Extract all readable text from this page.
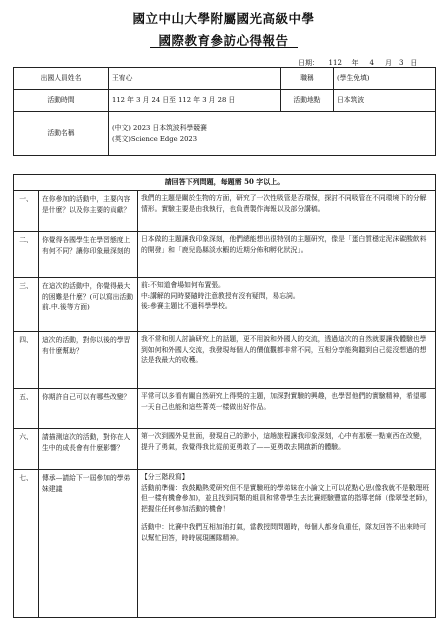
國立中山大學附屬國光高級中學
國際教育參訪心得報告
日期： 112 年 4 月 3 日
出國人員姓名	王宥心	職稱	(學生免填)
活動時間	112 年 3 月 24 日至 112 年 3 月 28 日	活動地點	日本筑波
活動名稱	(中文) 2023 日本筑波科學競賽
(英文)Science Edge 2023		
請回答下列問題，每題需 50 字以上。		
一、	在你參加的活動中，主要內容是什麼？以及你主要的貢獻？	我們的主題是關於生物的方面，研究了一次性吸管是否環保，探討不同吸管在不同環境下的分解情形。實驗主要是由我執行，也負責製作海報以及部分講稿。

二、	你覺得各國學生在學習態度上有何不同？讓你印象最深刻的	日本做的主題讓我印象深刻，他們總能想出很特別的主題研究，像是「蛋白質穩定泥沫碳酸飲料的開發」和「鹿兒島縣淡水鰕的近期分佈和孵化狀況」。

三、	在這次的活動中，你覺得最大的困難是什麼？(可以寫出活動前.中.後等方面)	前:不知道會場如何布置張。

中:講解的同時要隨時注意教授有沒有疑問，易忘詞。

後:參賽主題比不過科學學校。

四、	這次的活動，對你以後的學習有什麼幫助？	我不常和別人討論研究上的話題，更不用說和外國人的交流，透過這次的自然就要讓我體驗也學到如何和外國人交流，我發現每個人的價值觀都非常不同，互相分享能夠聽到自己從沒想過的想法是我最大的收穫。

五、	你期許自己可以有哪些改變？	平常可以多看有關自然研究上得獎的主題，加深對實驗的興趣，也學習他們的實驗精神，希望哪一天自己也能和這些菁英一樣做出好作品。

六、	請描測這次的活動，對你在人生中的成長會有什麼影響？	第一次到國外見世面，發現自己的渺小，這趟旅程讓我印象深刻，心中有那麼一點東西在改變，提升了勇氣，我覺得我比從前更勇敢了——更勇敢去開啟新的體驗。

七、	傳承—請給下一屆參加的學弟妹建議	【分三階段寫】

活動前準備：我鼓勵熱愛研究但不是實驗班的學弟妹在小論文上可以花點心思(像我就不是數理班但一樣有機會參加)，並且找到同類的組員和常帶學生去比賽經驗豐富的指導老師（像翠瑩老師)，把握住任何參加活動的機會！

活動中：比賽中我們互相加油打氣，當教授問問題時，每個人都身負重任，隊友回答不出來時可以幫忙回答，時時展現團隊精神。
